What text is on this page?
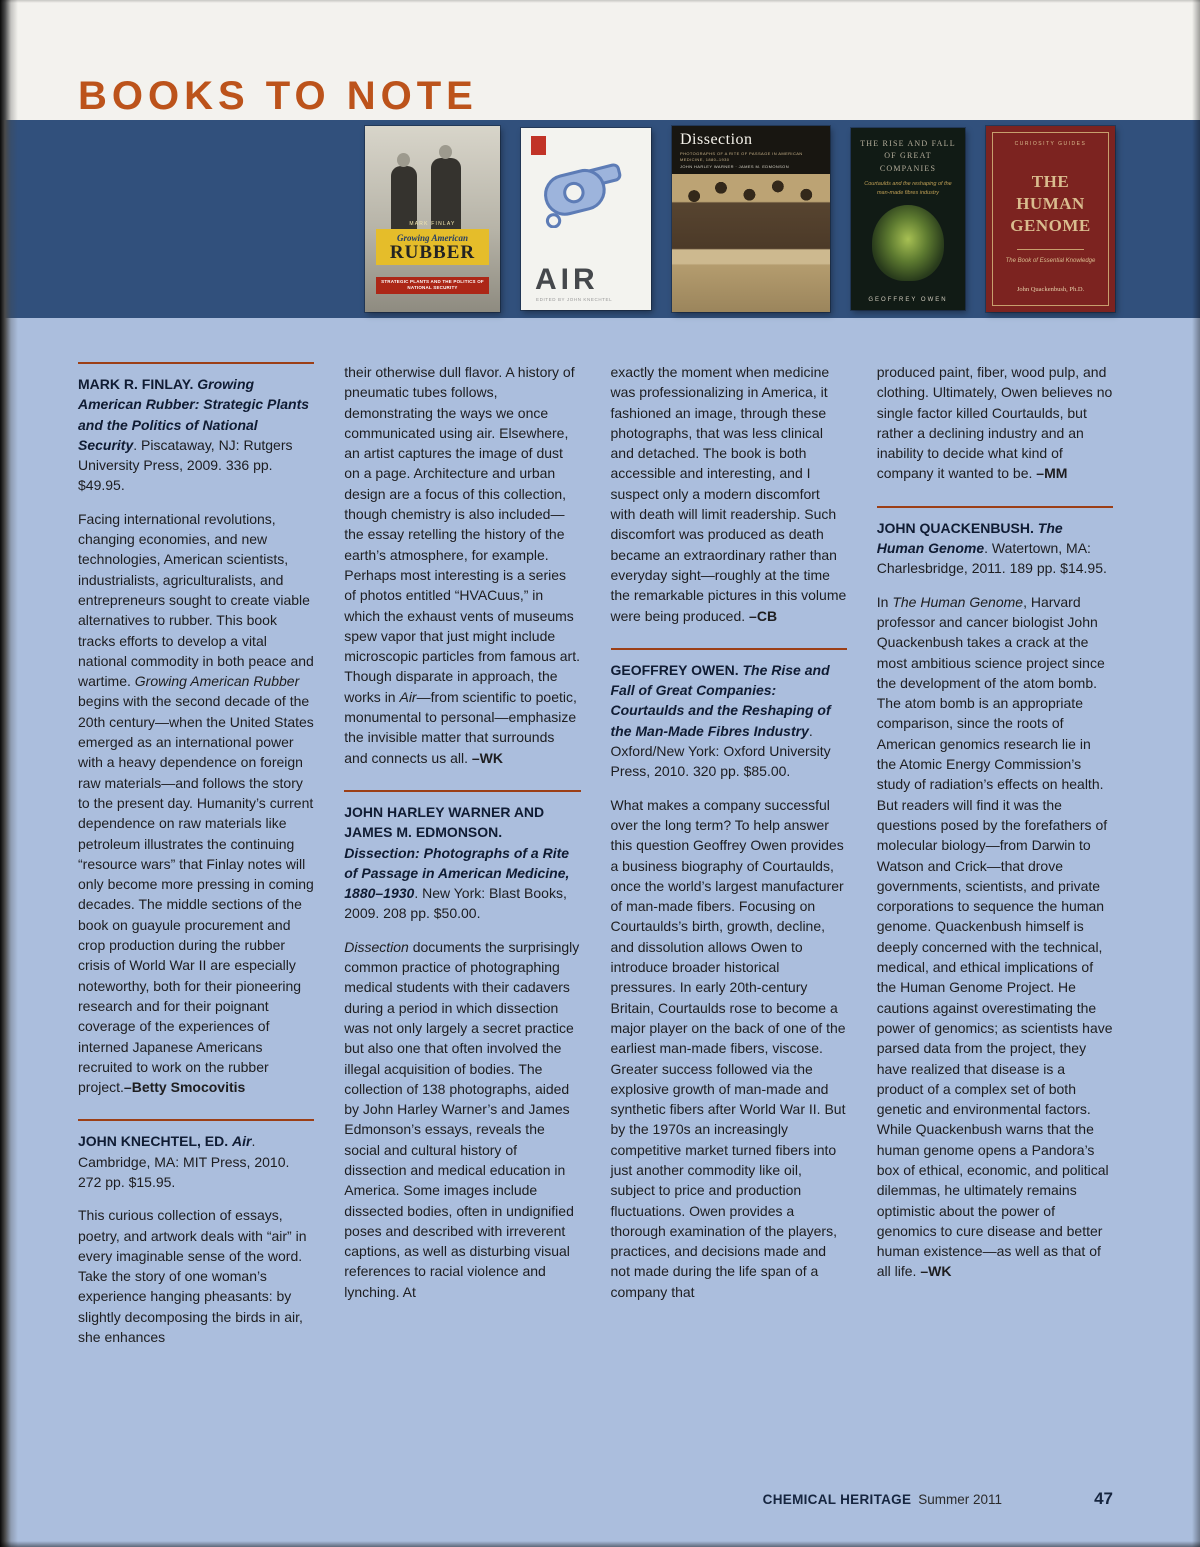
BOOKS TO NOTE
MARK FINLAY
Growing American
RUBBER
STRATEGIC PLANTS AND THE POLITICS OF NATIONAL SECURITY	AIR
EDITED BY JOHN KNECHTEL
Dissection
PHOTOGRAPHS OF A RITE OF PASSAGE IN AMERICAN MEDICINE, 1880–1930
JOHN HARLEY WARNER · JAMES M. EDMONSON
THE RISE AND FALL OF GREAT COMPANIES
Courtaulds and the reshaping of the man-made fibres industry
GEOFFREY OWEN
CURIOSITY GUIDES
THE HUMAN GENOME
The Book of Essential Knowledge
John Quackenbush, Ph.D.

MARK R. FINLAY. Growing American Rubber: Strategic Plants and the Politics of National Security. Piscataway, NJ: Rutgers University Press, 2009. 336 pp. $49.95.

Facing international revolutions, changing economies, and new technologies, American scientists, industrialists, agriculturalists, and entrepreneurs sought to create viable alternatives to rubber. This book tracks efforts to develop a vital national commodity in both peace and wartime. Growing American Rubber begins with the second decade of the 20th century—when the United States emerged as an international power with a heavy dependence on foreign raw materials—and follows the story to the present day. Humanity’s current dependence on raw materials like petroleum illustrates the continuing “resource wars” that Finlay notes will only become more pressing in coming decades. The middle sections of the book on guayule procurement and crop production during the rubber crisis of World War II are especially noteworthy, both for their pioneering research and for their poignant coverage of the experiences of interned Japanese Americans recruited to work on the rubber project.–Betty Smocovitis

JOHN KNECHTEL, ED. Air. Cambridge, MA: MIT Press, 2010. 272 pp. $15.95.

This curious collection of essays, poetry, and artwork deals with “air” in every imaginable sense of the word. Take the story of one woman’s experience hanging pheasants: by slightly decomposing the birds in air, she enhances

their otherwise dull flavor. A history of pneumatic tubes follows, demonstrating the ways we once communicated using air. Elsewhere, an artist captures the image of dust on a page. Architecture and urban design are a focus of this collection, though chemistry is also included—the essay retelling the history of the earth’s atmosphere, for example. Perhaps most interesting is a series of photos entitled “HVACuus,” in which the exhaust vents of museums spew vapor that just might include microscopic particles from famous art. Though disparate in approach, the works in Air—from scientific to poetic, monumental to personal—emphasize the invisible matter that surrounds and connects us all. –WK

JOHN HARLEY WARNER AND JAMES M. EDMONSON. Dissection: Photographs of a Rite of Passage in American Medicine, 1880–1930. New York: Blast Books, 2009. 208 pp. $50.00.

Dissection documents the surprisingly common practice of photographing medical students with their cadavers during a period in which dissection was not only largely a secret practice but also one that often involved the illegal acquisition of bodies. The collection of 138 photographs, aided by John Harley Warner’s and James Edmonson’s essays, reveals the social and cultural history of dissection and medical education in America. Some images include dissected bodies, often in undignified poses and described with irreverent captions, as well as disturbing visual references to racial violence and lynching. At

exactly the moment when medicine was professionalizing in America, it fashioned an image, through these photographs, that was less clinical and detached. The book is both accessible and interesting, and I suspect only a modern discomfort with death will limit readership. Such discomfort was produced as death became an extraordinary rather than everyday sight—roughly at the time the remarkable pictures in this volume were being produced. –CB

GEOFFREY OWEN. The Rise and Fall of Great Companies: Courtaulds and the Reshaping of the Man-Made Fibres Industry. Oxford/New York: Oxford University Press, 2010. 320 pp. $85.00.

What makes a company successful over the long term? To help answer this question Geoffrey Owen provides a business biography of Courtaulds, once the world’s largest manufacturer of man-made fibers. Focusing on Courtaulds’s birth, growth, decline, and dissolution allows Owen to introduce broader historical pressures. In early 20th-century Britain, Courtaulds rose to become a major player on the back of one of the earliest man-made fibers, viscose. Greater success followed via the explosive growth of man-made and synthetic fibers after World War II. But by the 1970s an increasingly competitive market turned fibers into just another commodity like oil, subject to price and production fluctuations. Owen provides a thorough examination of the players, practices, and decisions made and not made during the life span of a company that

produced paint, fiber, wood pulp, and clothing. Ultimately, Owen believes no single factor killed Courtaulds, but rather a declining industry and an inability to decide what kind of company it wanted to be. –MM

JOHN QUACKENBUSH. The Human Genome. Watertown, MA: Charlesbridge, 2011. 189 pp. $14.95.

In The Human Genome, Harvard professor and cancer biologist John Quackenbush takes a crack at the most ambitious science project since the development of the atom bomb. The atom bomb is an appropriate comparison, since the roots of American genomics research lie in the Atomic Energy Commission’s study of radiation’s effects on health. But readers will find it was the questions posed by the forefathers of molecular biology—from Darwin to Watson and Crick—that drove governments, scientists, and private corporations to sequence the human genome. Quackenbush himself is deeply concerned with the technical, medical, and ethical implications of the Human Genome Project. He cautions against overestimating the power of genomics; as scientists have parsed data from the project, they have realized that disease is a product of a complex set of both genetic and environmental factors. While Quackenbush warns that the human genome opens a Pandora’s box of ethical, economic, and political dilemmas, he ultimately remains optimistic about the power of genomics to cure disease and better human existence—as well as that of all life. –WK

CHEMICAL HERITAGE Summer 2011	47
